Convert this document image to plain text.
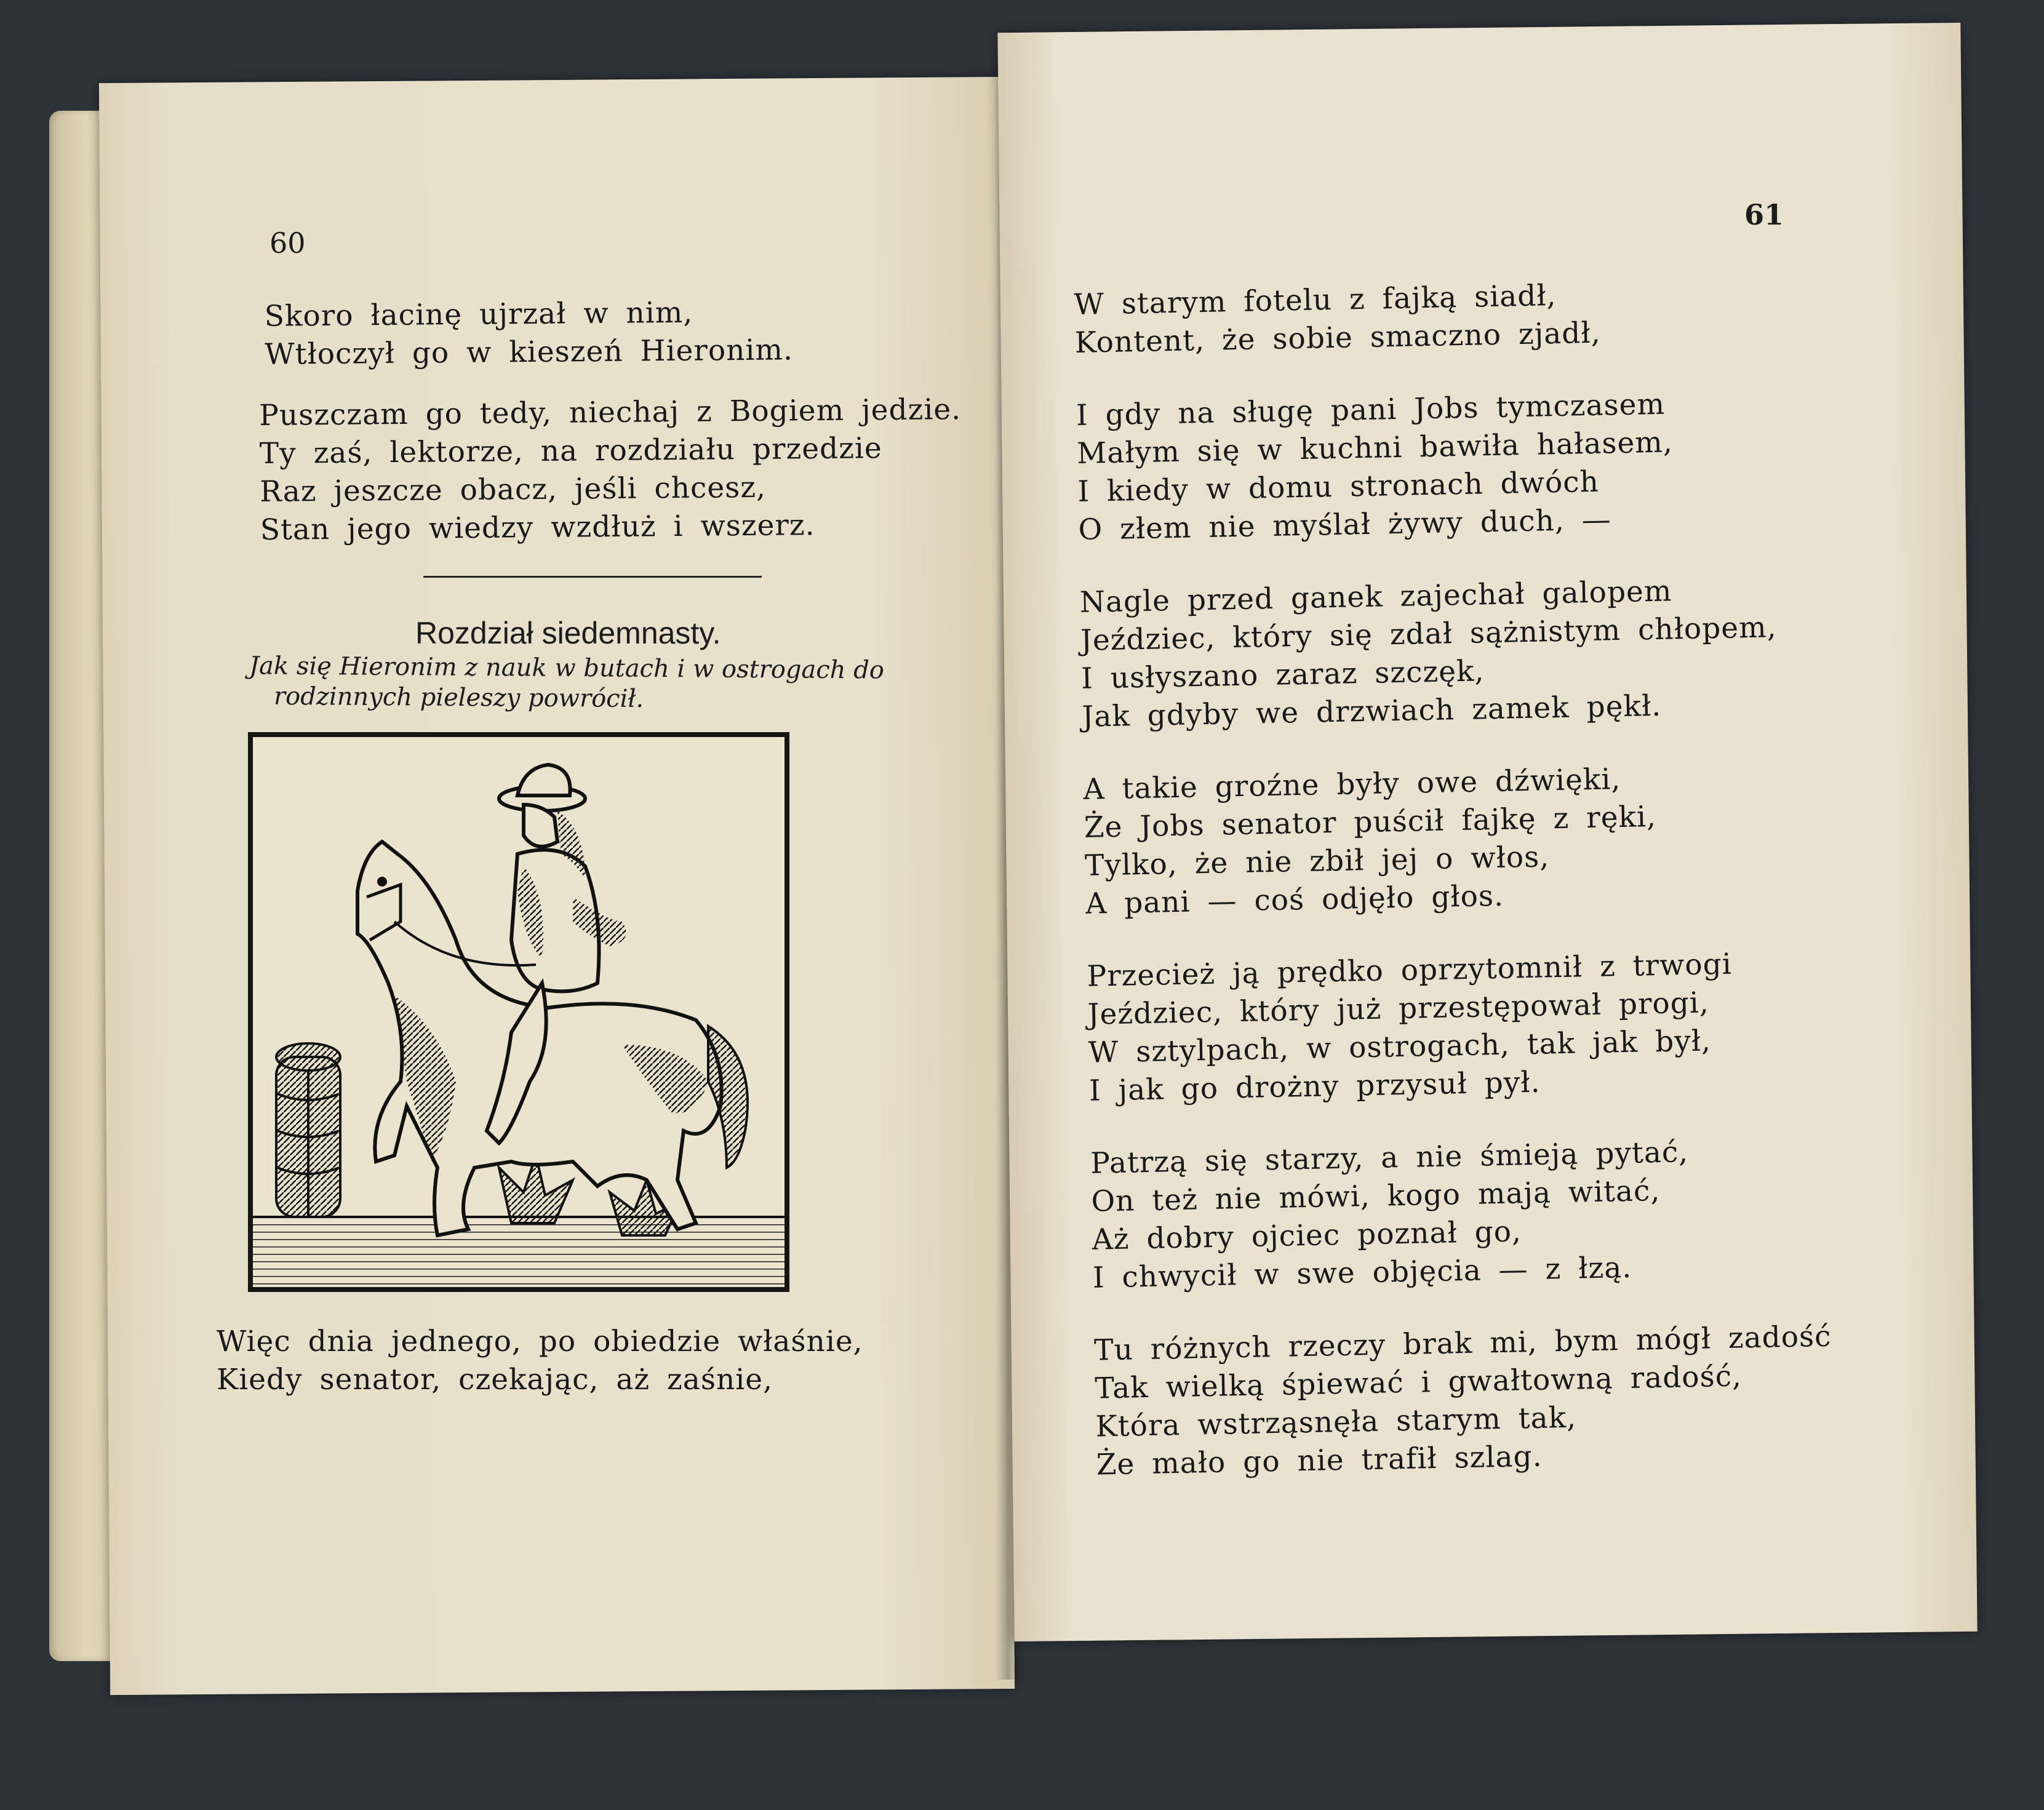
60
Skoro łacinę ujrzał w nim,
Wtłoczył go w kieszeń Hieronim.
Puszczam go tedy, niechaj z Bogiem jedzie.
Ty zaś, lektorze, na rozdziału przedzie
Raz jeszcze obacz, jeśli chcesz,
Stan jego wiedzy wzdłuż i wszerz.
Rozdział siedemnasty.
Jak się Hieronim z nauk w butach i w ostrogach do
rodzinnych pieleszy powrócił.
Więc dnia jednego, po obiedzie właśnie,
Kiedy senator, czekając, aż zaśnie,
61
W starym fotelu z fajką siadł,
Kontent, że sobie smaczno zjadł,
I gdy na sługę pani Jobs tymczasem
Małym się w kuchni bawiła hałasem,
I kiedy w domu stronach dwóch
O złem nie myślał żywy duch, —
Nagle przed ganek zajechał galopem
Jeździec, który się zdał sążnistym chłopem,
I usłyszano zaraz szczęk,
Jak gdyby we drzwiach zamek pękł.
A takie groźne były owe dźwięki,
Że Jobs senator puścił fajkę z ręki,
Tylko, że nie zbił jej o włos,
A pani — coś odjęło głos.
Przecież ją prędko oprzytomnił z trwogi
Jeździec, który już przestępował progi,
W sztylpach, w ostrogach, tak jak był,
I jak go drożny przysuł pył.
Patrzą się starzy, a nie śmieją pytać,
On też nie mówi, kogo mają witać,
Aż dobry ojciec poznał go,
I chwycił w swe objęcia — z łzą.
Tu różnych rzeczy brak mi, bym mógł zadość
Tak wielką śpiewać i gwałtowną radość,
Która wstrząsnęła starym tak,
Że mało go nie trafił szlag.
